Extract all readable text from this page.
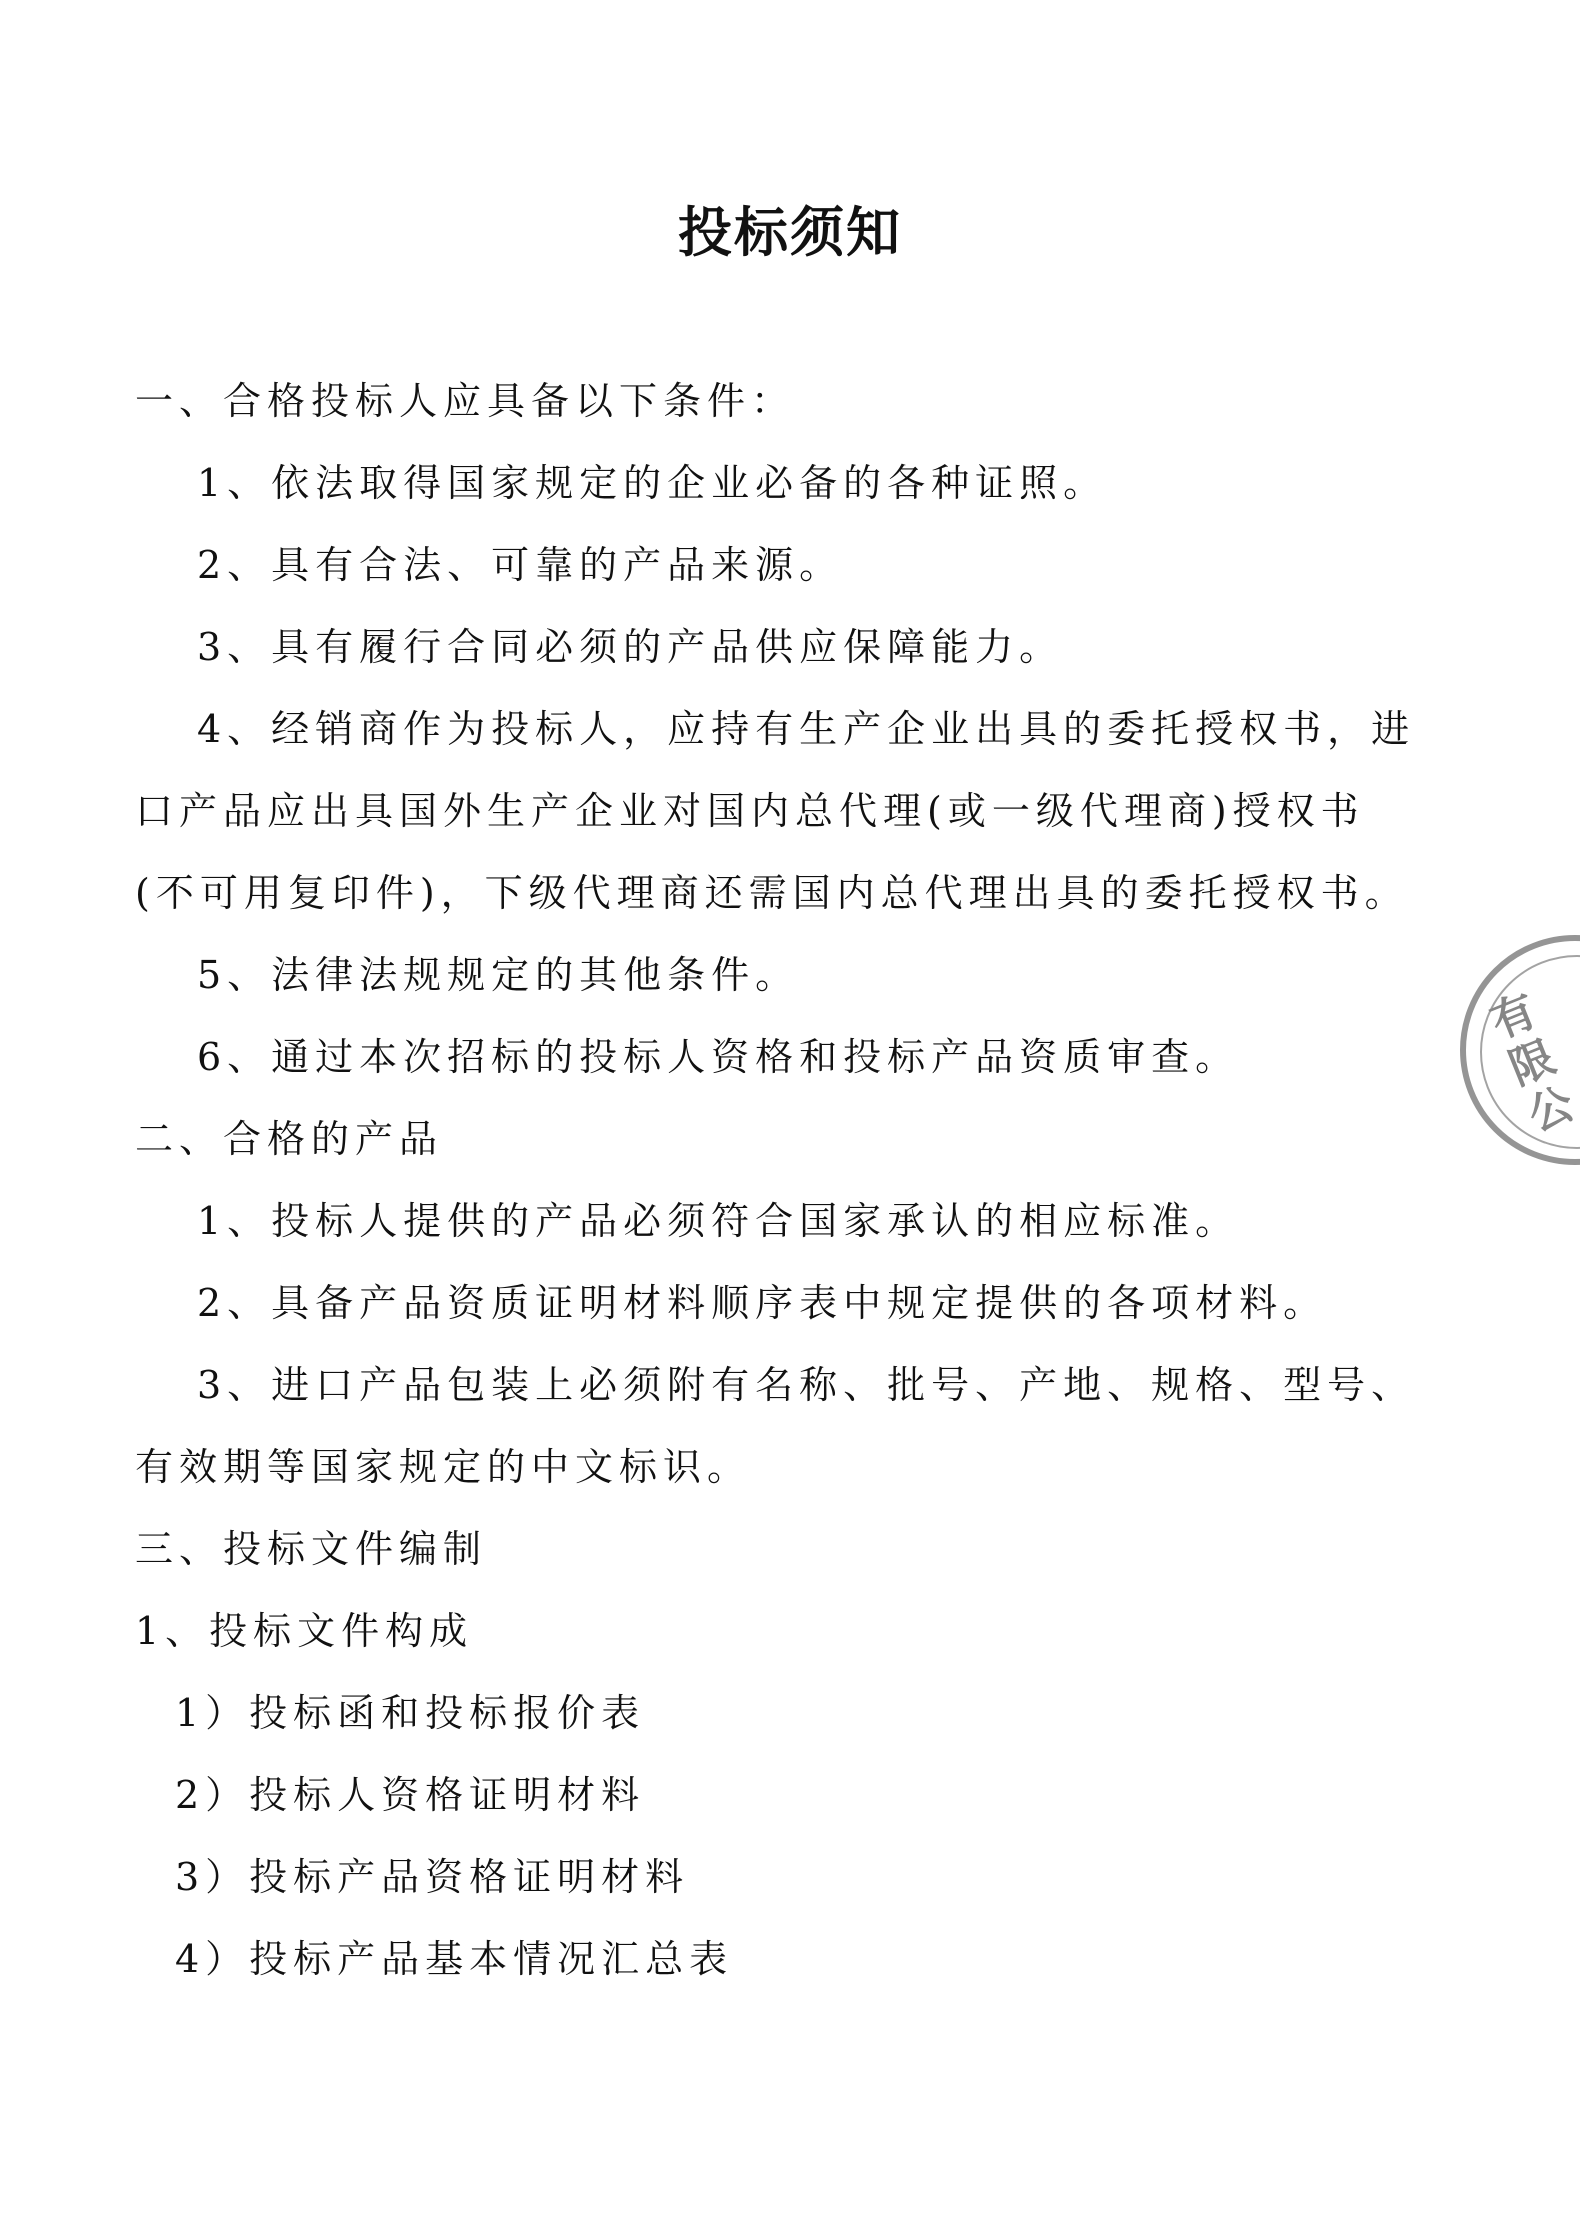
投标须知
一、合格投标人应具备以下条件：
1、依法取得国家规定的企业必备的各种证照。
2、具有合法、可靠的产品来源。
3、具有履行合同必须的产品供应保障能力。
4、经销商作为投标人，应持有生产企业出具的委托授权书，进口产品应出具国外生产企业对国内总代理(或一级代理商)授权书(不可用复印件)，下级代理商还需国内总代理出具的委托授权书。
5、法律法规规定的其他条件。
6、通过本次招标的投标人资格和投标产品资质审查。
二、合格的产品
1、投标人提供的产品必须符合国家承认的相应标准。
2、具备产品资质证明材料顺序表中规定提供的各项材料。
3、进口产品包装上必须附有名称、批号、产地、规格、型号、有效期等国家规定的中文标识。
三、投标文件编制
1、投标文件构成
1）投标函和投标报价表
2）投标人资格证明材料
3）投标产品资格证明材料
4）投标产品基本情况汇总表
有限公
